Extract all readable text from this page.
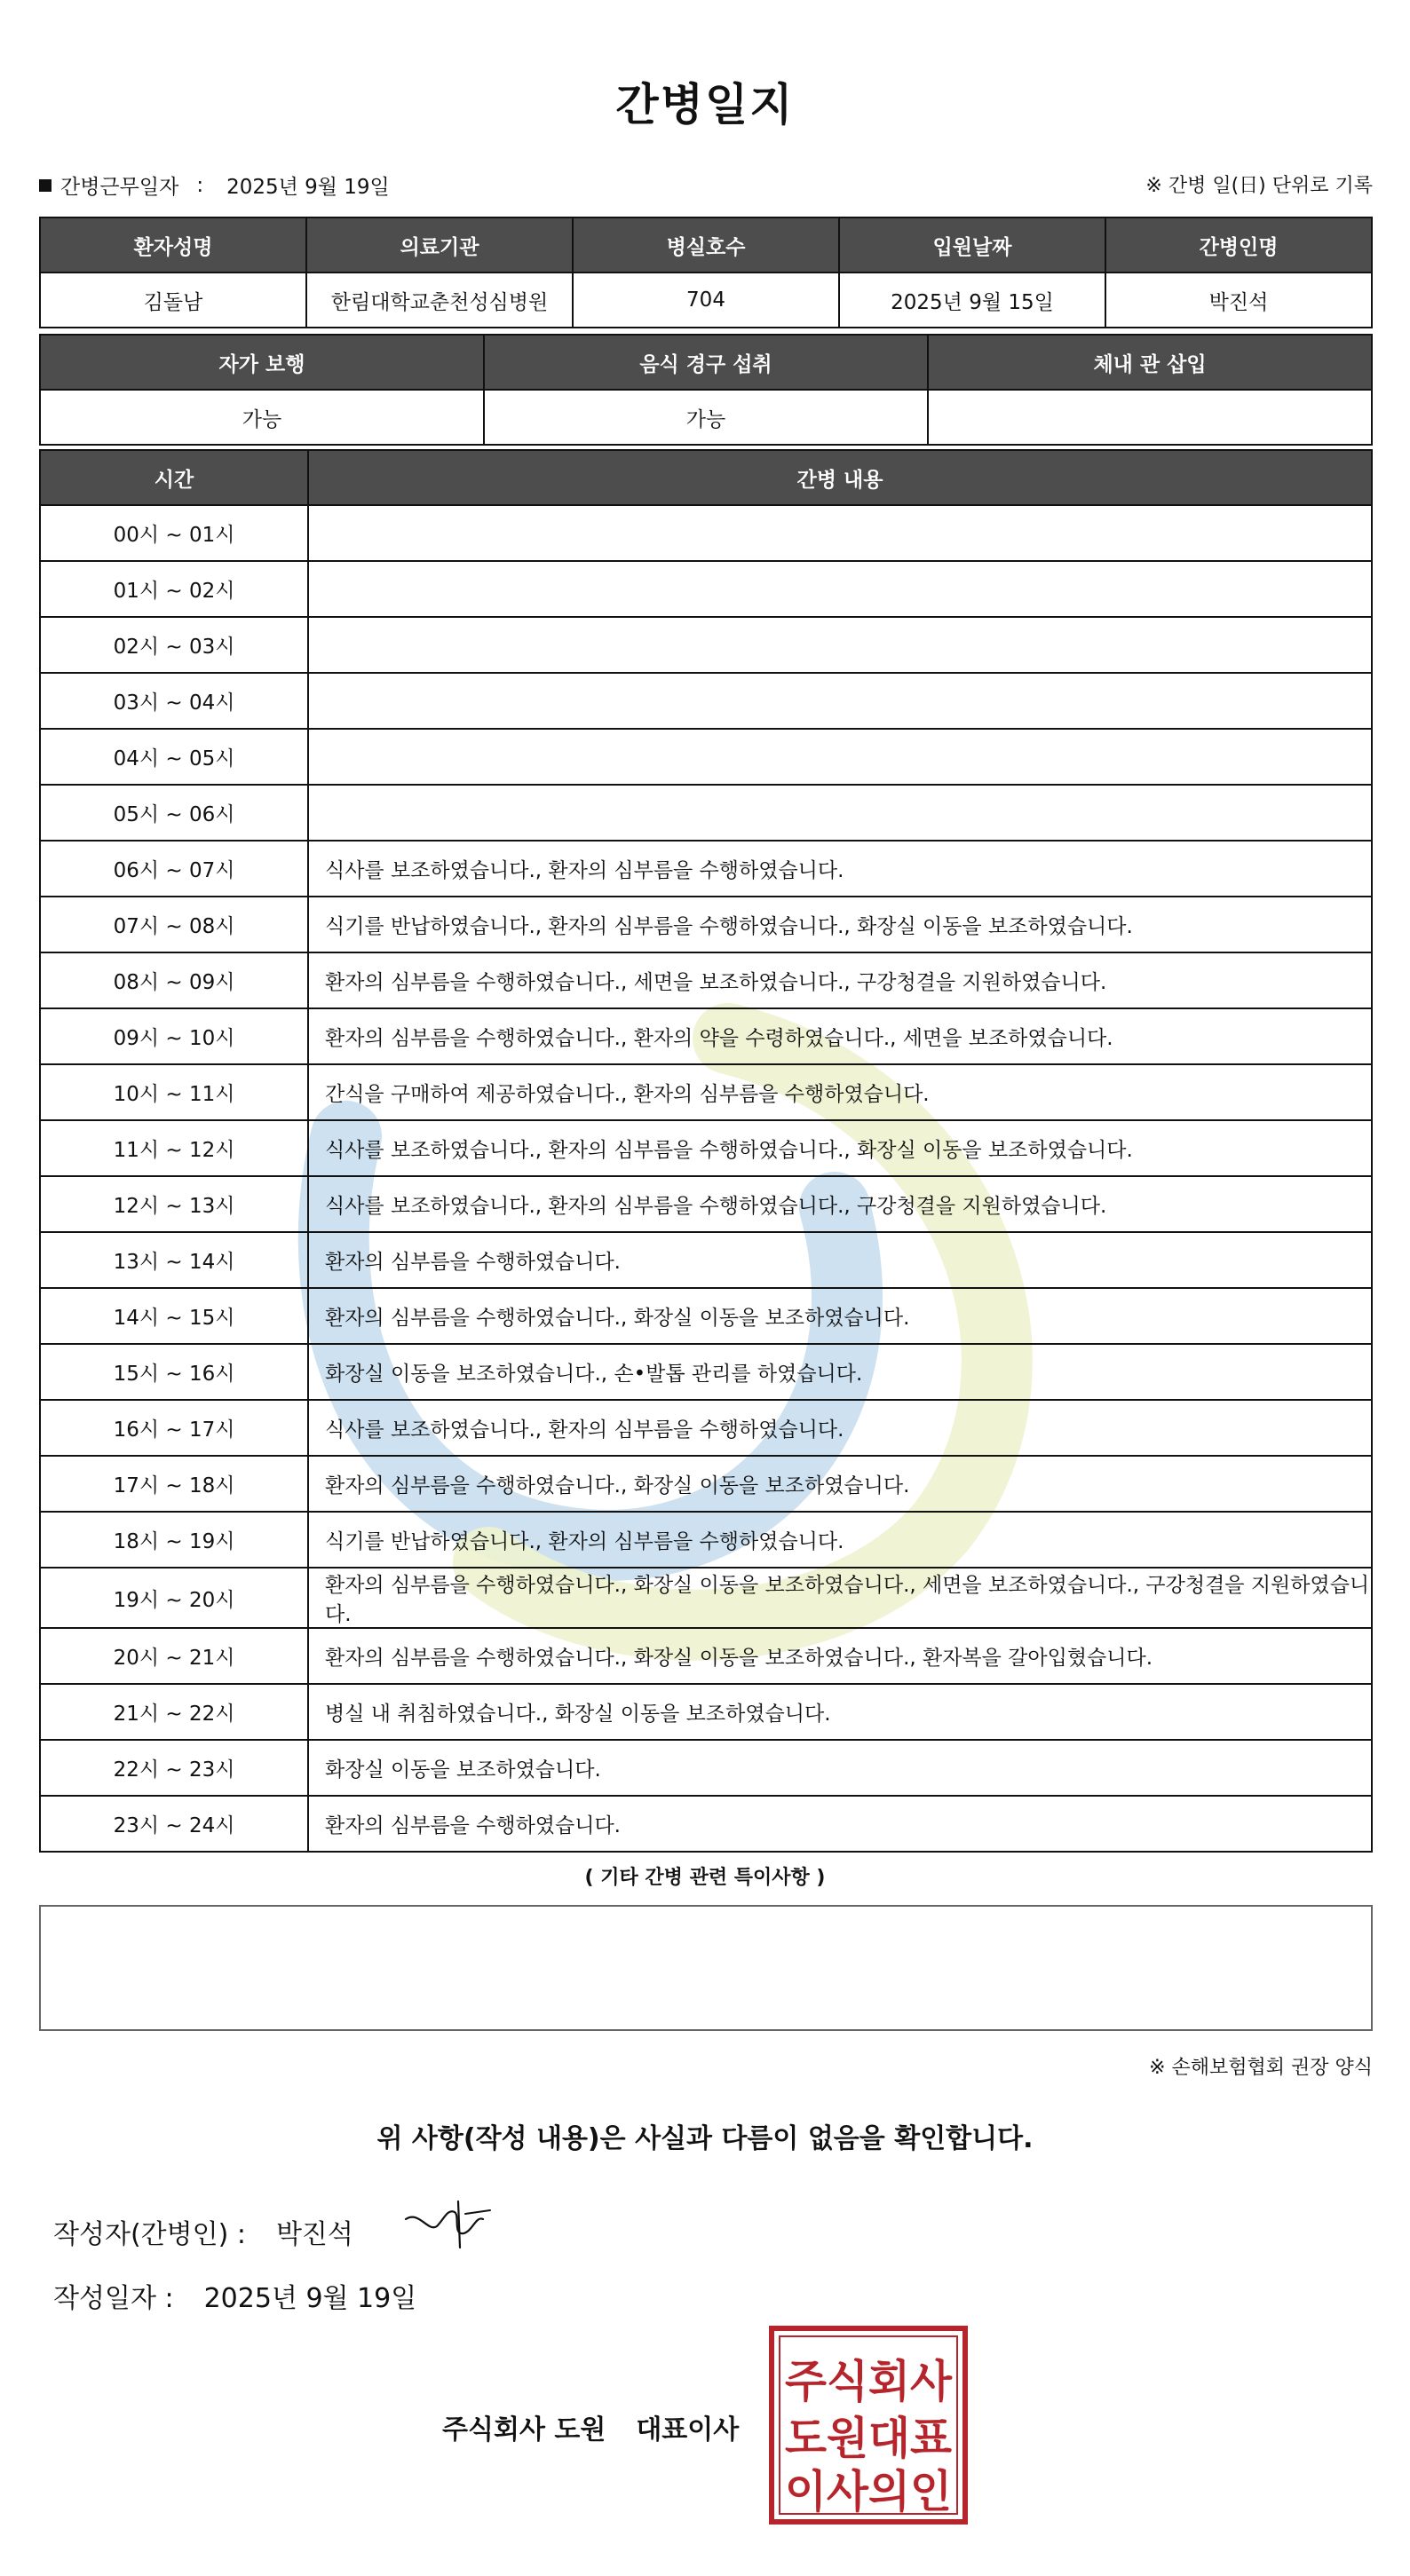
간병일지
간병근무일자 : 2025년 9월 19일	※ 간병 일(日) 단위로 기록
환자성명	의료기관	병실호수	입원날짜	간병인명
김돌남	한림대학교춘천성심병원	704	2025년 9월 15일	박진석
자가 보행	음식 경구 섭취	체내 관 삽입
가능	가능	
시간	간병 내용
00시 ~ 01시	
01시 ~ 02시	
02시 ~ 03시	
03시 ~ 04시	
04시 ~ 05시	
05시 ~ 06시	
06시 ~ 07시	식사를 보조하였습니다., 환자의 심부름을 수행하였습니다.
07시 ~ 08시	식기를 반납하였습니다., 환자의 심부름을 수행하였습니다., 화장실 이동을 보조하였습니다.
08시 ~ 09시	환자의 심부름을 수행하였습니다., 세면을 보조하였습니다., 구강청결을 지원하였습니다.
09시 ~ 10시	환자의 심부름을 수행하였습니다., 환자의 약을 수령하였습니다., 세면을 보조하였습니다.
10시 ~ 11시	간식을 구매하여 제공하였습니다., 환자의 심부름을 수행하였습니다.
11시 ~ 12시	식사를 보조하였습니다., 환자의 심부름을 수행하였습니다., 화장실 이동을 보조하였습니다.
12시 ~ 13시	식사를 보조하였습니다., 환자의 심부름을 수행하였습니다., 구강청결을 지원하였습니다.
13시 ~ 14시	환자의 심부름을 수행하였습니다.
14시 ~ 15시	환자의 심부름을 수행하였습니다., 화장실 이동을 보조하였습니다.
15시 ~ 16시	화장실 이동을 보조하였습니다., 손•발톱 관리를 하였습니다.
16시 ~ 17시	식사를 보조하였습니다., 환자의 심부름을 수행하였습니다.
17시 ~ 18시	환자의 심부름을 수행하였습니다., 화장실 이동을 보조하였습니다.
18시 ~ 19시	식기를 반납하였습니다., 환자의 심부름을 수행하였습니다.
19시 ~ 20시	환자의 심부름을 수행하였습니다., 화장실 이동을 보조하였습니다., 세면을 보조하였습니다., 구강청결을 지원하였습니다.
20시 ~ 21시	환자의 심부름을 수행하였습니다., 화장실 이동을 보조하였습니다., 환자복을 갈아입혔습니다.
21시 ~ 22시	병실 내 취침하였습니다., 화장실 이동을 보조하였습니다.
22시 ~ 23시	화장실 이동을 보조하였습니다.
23시 ~ 24시	환자의 심부름을 수행하였습니다.
( 기타 간병 관련 특이사항 )
※ 손해보험협회 권장 양식
위 사항(작성 내용)은 사실과 다름이 없음을 확인합니다.
작성자(간병인) : 박진석
작성일자 : 2025년 9월 19일
주식회사 도원 대표이사
주식회사
도원대표
이사의인
